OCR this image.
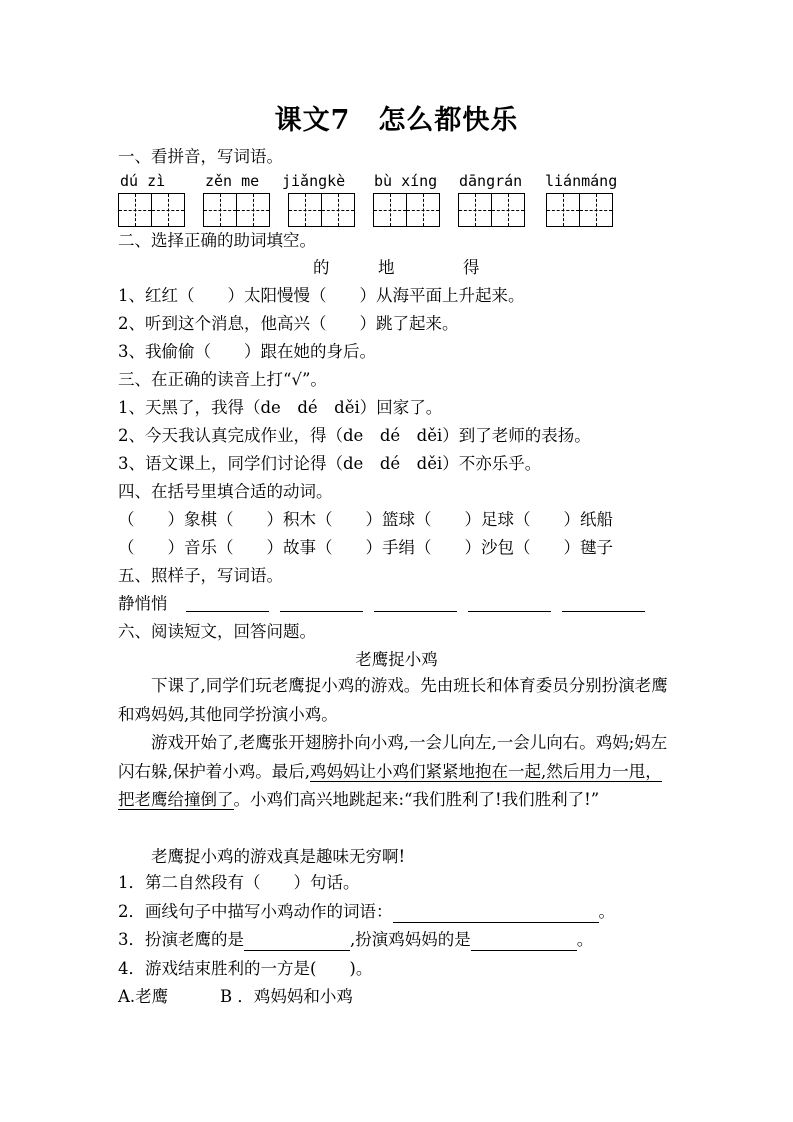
课文7　怎么都快乐
一、看拼音，写词语。
dú zì	zěn me jiǎngkè bù xíng dāngrán liánmáng
二、选择正确的助词填空。
的	地	得
1、红红（　　）太阳慢慢（　　）从海平面上升起来。
2、听到这个消息，他高兴（　　）跳了起来。
3、我偷偷（　　）跟在她的身后。
三、在正确的读音上打“√”。
1、天黑了，我得（de　dé　děi）回家了。
2、今天我认真完成作业，得（de　dé　děi）到了老师的表扬。
3、语文课上，同学们讨论得（de　dé　děi）不亦乐乎。
四、在括号里填合适的动词。
（　　）象棋（　　）积木（　　）篮球（　　）足球（　　）纸船
（　　）音乐（　　）故事（　　）手绢（　　）沙包（　　）毽子
五、照样子，写词语。
静悄悄
六、阅读短文，回答问题。
老鹰捉小鸡
下课了,同学们玩老鹰捉小鸡的游戏。先由班长和体育委员分别扮演老鹰和鸡妈妈,其他同学扮演小鸡。
游戏开始了,老鹰张开翅膀扑向小鸡,一会儿向左,一会儿向右。鸡妈;妈左闪右躲,保护着小鸡。最后,鸡妈妈让小鸡们紧紧地抱在一起,然后用力一甩，把老鹰给撞倒了。小鸡们高兴地跳起来:“我们胜利了!我们胜利了!”
老鹰捉小鸡的游戏真是趣味无穷啊!
1．第二自然段有（　　）句话。
2．画线句子中描写小鸡动作的词语：	。
3．扮演老鹰的是	,扮演鸡妈妈的是	。
4．游戏结束胜利的一方是(　　)。
A.老鹰	B ．鸡妈妈和小鸡
